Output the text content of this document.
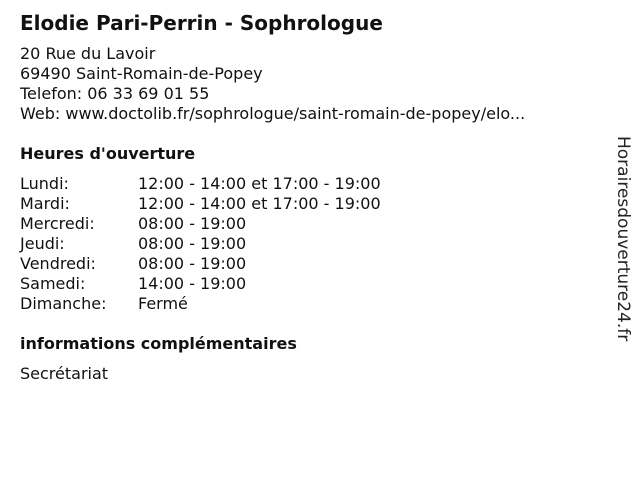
Elodie Pari-Perrin - Sophrologue
20 Rue du Lavoir
69490 Saint-Romain-de-Popey
Telefon: 06 33 69 01 55
Web: www.doctolib.fr/sophrologue/saint-romain-de-popey/elo...
Heures d'ouverture
Lundi:	12:00 - 14:00 et 17:00 - 19:00
Mardi:	12:00 - 14:00 et 17:00 - 19:00
Mercredi:	08:00 - 19:00
Jeudi:	08:00 - 19:00
Vendredi:	08:00 - 19:00
Samedi:	14:00 - 19:00
Dimanche: Fermé
informations complémentaires
Secrétariat
Horairesdouverture24.fr
